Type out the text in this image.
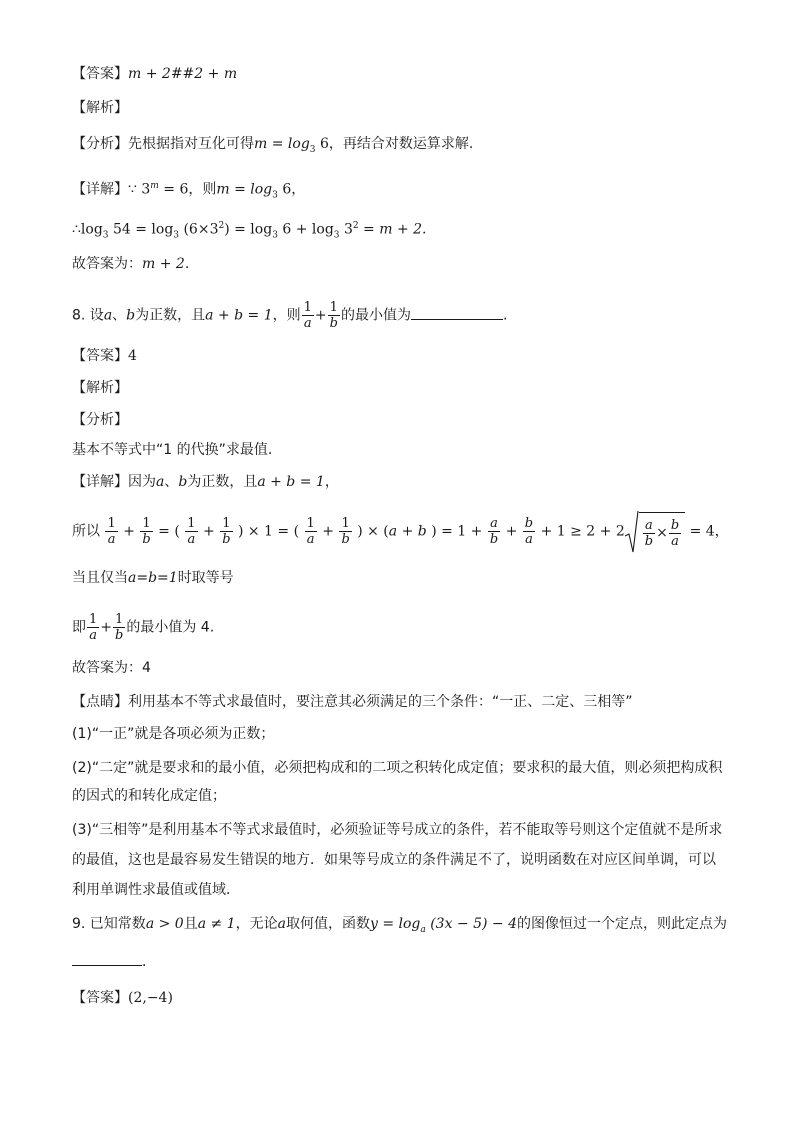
【答案】m + 2##2 + m
【解析】
【分析】先根据指对互化可得$m = \log_3 6$，再结合对数运算求解.
【详解】∵ $3^m = 6$，则$m = \log_3 6$，
$\therefore\log_3$ $54 = \log_3 (6\times 3^2) = \log_3 6 + \log_3 3^2 = m + 2$.
故答案为：m + 2.
8. 设a、b为正数，且a + b = 1，则 $\frac{1}{a} + \frac{1}{b}$ 的最小值为	.
【答案】4
【解析】
【分析】
基本不等式中“1 的代换”求最值.
【详解】因为a、b为正数，且a + b = 1，
所以 $\frac{1}{a} + \frac{1}{b}$ = ( $\frac{1}{a} + \frac{1}{b}$ ) × 1 = ( $\frac{1}{a} + \frac{1}{b}$ ) × (a + b ) = $1 + \frac{a}{b} + \frac{b}{a} + 1 \ge 2 + 2 \frac{a}{b} \times \frac{b}{a} = 4$，
当且仅当a=b=1时取等号
即 $\frac{1}{a} + \frac{1}{b}$ 的最小值为 4.
故答案为：4
【点睛】利用基本不等式求最值时，要注意其必须满足的三个条件：“一正、二定、三相等”
(1)“一正”就是各项必须为正数；
(2)“二定”就是要求和的最小值，必须把构成和的二项之积转化成定值；要求积的最大值，则必须把构成积
的因式的和转化成定值；
(3)“三相等”是利用基本不等式求最值时，必须验证等号成立的条件，若不能取等号则这个定值就不是所求
的最值，这也是最容易发生错误的地方．如果等号成立的条件满足不了，说明函数在对应区间单调，可以
利用单调性求最值或值域．
9. 已知常数a > 0且a ≠ 1，无论a取何值，函数$y = \log_a (3x - 5) - 4$的图像恒过一个定点，则此定点为
．
【答案】(2,−4)
